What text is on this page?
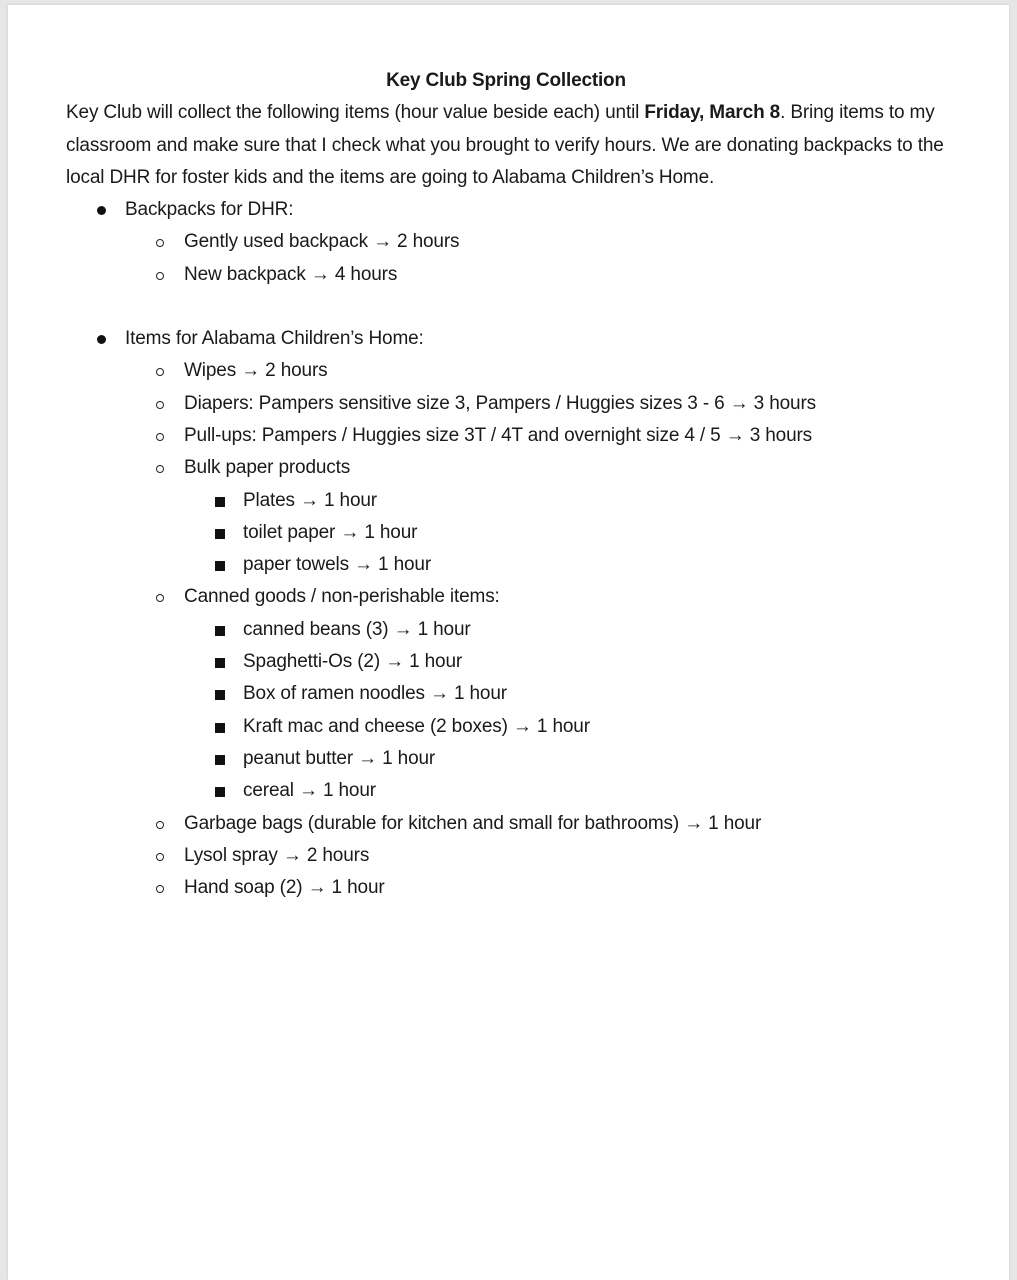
Key Club Spring Collection

Key Club will collect the following items (hour value beside each) until Friday, March 8. Bring items to my classroom and make sure that I check what you brought to verify hours. We are donating backpacks to the local DHR for foster kids and the items are going to Alabama Children’s Home.

Backpacks for DHR:
Gently used backpack → 2 hours
New backpack → 4 hours
Items for Alabama Children’s Home:
Wipes → 2 hours
Diapers: Pampers sensitive size 3, Pampers / Huggies sizes 3 - 6 → 3 hours
Pull-ups: Pampers / Huggies size 3T / 4T and overnight size 4 / 5 → 3 hours
Bulk paper products
Plates → 1 hour
toilet paper → 1 hour
paper towels → 1 hour
Canned goods / non-perishable items:
canned beans (3) → 1 hour
Spaghetti-Os (2) → 1 hour
Box of ramen noodles → 1 hour
Kraft mac and cheese (2 boxes) → 1 hour
peanut butter → 1 hour
cereal → 1 hour
Garbage bags (durable for kitchen and small for bathrooms) → 1 hour
Lysol spray → 2 hours
Hand soap (2) → 1 hour
